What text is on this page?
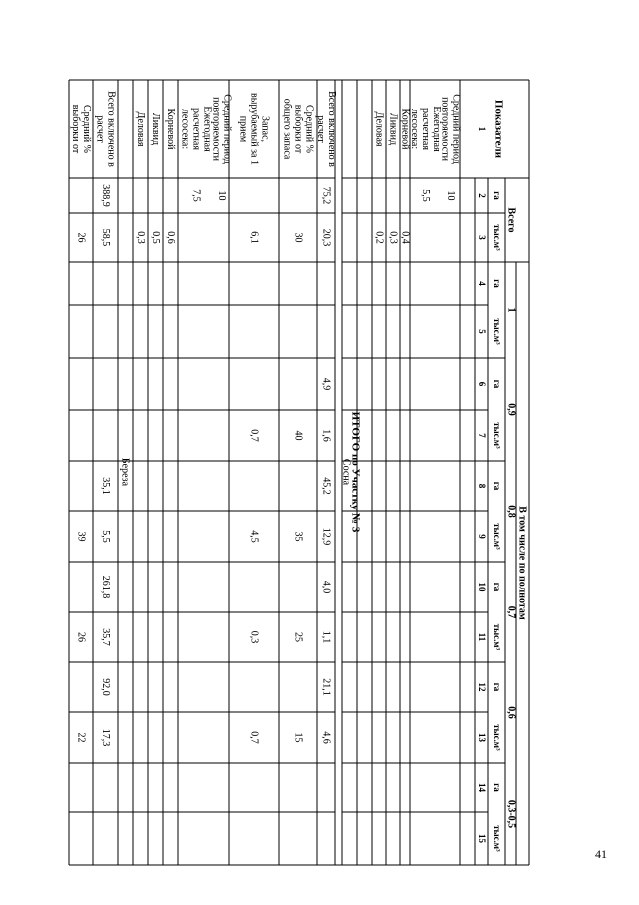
Показатели
Всего
В том числе по полнотам
1
0,9
0,8
0,7
0,6
0,3-0,5
га
тыс.м³
га
тыс.м³
га
тыс.м³
га
тыс.м³
га
тыс.м³
га
тыс.м³
га
тыс.м³
1
2
3
4
5
6
7
8
9
10
11
12
13
14
15
Средний период
повторяемости
10
Ежегодная
расчетная
лесосека:
5,5
Корневой
0,4
Ликвид
0,3
Деловая
0,2
ИТОГО по Участку № 3
Сосна
Всего включено в
расчет
75,2
20,3
4,9
1,6
45,2
12,9
4,0
1,1
21,1
4,6
Средний %
выборки от
общего запаса
30
40
35
25
15
Запас,
вырубаемый за 1
прием
6,1
0,7
4,5
0,3
0,7
Средний период
повторяемости
10
Ежегодная
расчетная
лесосека:
7,5
Корневой
0,6
Ликвид
0,5
Деловая
0,3
Береза
Всего включено в
расчет
388,9
58,5
35,1
5,5
261,8
35,7
92,0
17,3
Средний %
выборки от
26
39
26
22
41
